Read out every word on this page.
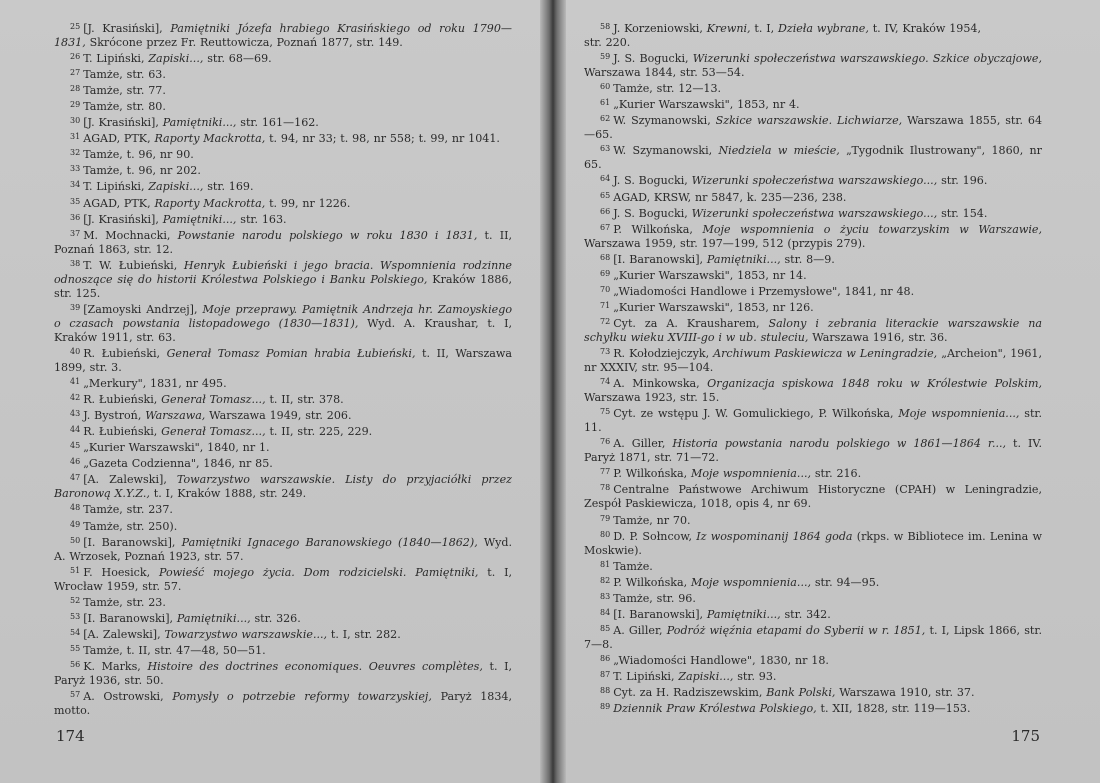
$^{25}$ [J. Krasiński], Pamiętniki Józefa hrabiego Krasińskiego od roku 1790—1831, Skrócone przez Fr. Reuttowicza, Poznań 1877, str. 149.

$^{26}$ T. Lipiński, Zapiski..., str. 68—69.

$^{27}$ Tamże, str. 63.

$^{28}$ Tamże, str. 77.

$^{29}$ Tamże, str. 80.

$^{30}$ [J. Krasiński], Pamiętniki..., str. 161—162.

$^{31}$ AGAD, PTK, Raporty Mackrotta, t. 94, nr 33; t. 98, nr 558; t. 99, nr 1041.

$^{32}$ Tamże, t. 96, nr 90.

$^{33}$ Tamże, t. 96, nr 202.

$^{34}$ T. Lipiński, Zapiski..., str. 169.

$^{35}$ AGAD, PTK, Raporty Mackrotta, t. 99, nr 1226.

$^{36}$ [J. Krasiński], Pamiętniki..., str. 163.

$^{37}$ M. Mochnacki, Powstanie narodu polskiego w roku 1830 i 1831, t. II, Poznań 1863, str. 12.

$^{38}$ T. W. Łubieński, Henryk Łubieński i jego bracia. Wspomnienia rodzinne odnoszące się do historii Królestwa Polskiego i Banku Polskiego, Kraków 1886, str. 125.

$^{39}$ [Zamoyski Andrzej], Moje przeprawy. Pamiętnik Andrzeja hr. Zamoyskiego o czasach powstania listopadowego (1830—1831), Wyd. A. Kraushar, t. I, Kraków 1911, str. 63.

$^{40}$ R. Łubieński, Generał Tomasz Pomian hrabia Łubieński, t. II, Warszawa 1899, str. 3.

$^{41}$ „Merkury", 1831, nr 495.

$^{42}$ R. Łubieński, Generał Tomasz..., t. II, str. 378.

$^{43}$ J. Bystroń, Warszawa, Warszawa 1949, str. 206.

$^{44}$ R. Łubieński, Generał Tomasz..., t. II, str. 225, 229.

$^{45}$ „Kurier Warszawski", 1840, nr 1.

$^{46}$ „Gazeta Codzienna", 1846, nr 85.

$^{47}$ [A. Zalewski], Towarzystwo warszawskie. Listy do przyjaciółki przez Baronową X.Y.Z., t. I, Kraków 1888, str. 249.

$^{48}$ Tamże, str. 237.

$^{49}$ Tamże, str. 250).

$^{50}$ [I. Baranowski], Pamiętniki Ignacego Baranowskiego (1840—1862), Wyd. A. Wrzosek, Poznań 1923, str. 57.

$^{51}$ F. Hoesick, Powieść mojego życia. Dom rodzicielski. Pamiętniki, t. I, Wrocław 1959, str. 57.

$^{52}$ Tamże, str. 23.

$^{53}$ [I. Baranowski], Pamiętniki..., str. 326.

$^{54}$ [A. Zalewski], Towarzystwo warszawskie..., t. I, str. 282.

$^{55}$ Tamże, t. II, str. 47—48, 50—51.

$^{56}$ K. Marks, Histoire des doctrines economiques. Oeuvres complètes, t. I, Paryż 1936, str. 50.

$^{57}$ A. Ostrowski, Pomysły o potrzebie reformy towarzyskiej, Paryż 1834, motto.

174

$^{58}$ J. Korzeniowski, Krewni, t. I, Dzieła wybrane, t. IV, Kraków 1954,

str. 220.

$^{59}$ J. S. Bogucki, Wizerunki społeczeństwa warszawskiego. Szkice obyczajowe, Warszawa 1844, str. 53—54.

$^{60}$ Tamże, str. 12—13.

$^{61}$ „Kurier Warszawski", 1853, nr 4.

$^{62}$ W. Szymanowski, Szkice warszawskie. Lichwiarze, Warszawa 1855, str. 64—65.

$^{63}$ W. Szymanowski, Niedziela w mieście, „Tygodnik Ilustrowany", 1860, nr 65.

$^{64}$ J. S. Bogucki, Wizerunki społeczeństwa warszawskiego..., str. 196.

$^{65}$ AGAD, KRSW, nr 5847, k. 235—236, 238.

$^{66}$ J. S. Bogucki, Wizerunki społeczeństwa warszawskiego..., str. 154.

$^{67}$ P. Wilkońska, Moje wspomnienia o życiu towarzyskim w Warszawie, Warszawa 1959, str. 197—199, 512 (przypis 279).

$^{68}$ [I. Baranowski], Pamiętniki..., str. 8—9.

$^{69}$ „Kurier Warszawski", 1853, nr 14.

$^{70}$ „Wiadomości Handlowe i Przemysłowe", 1841, nr 48.

$^{71}$ „Kurier Warszawski", 1853, nr 126.

$^{72}$ Cyt. za A. Krausharem, Salony i zebrania literackie warszawskie na schyłku wieku XVIII-go i w ub. stuleciu, Warszawa 1916, str. 36.

$^{73}$ R. Kołodziejczyk, Archiwum Paskiewicza w Leningradzie, „Archeion", 1961, nr XXXIV, str. 95—104.

$^{74}$ A. Minkowska, Organizacja spiskowa 1848 roku w Królestwie Polskim, Warszawa 1923, str. 15.

$^{75}$ Cyt. ze wstępu J. W. Gomulickiego, P. Wilkońska, Moje wspomnienia..., str. 11.

$^{76}$ A. Giller, Historia powstania narodu polskiego w 1861—1864 r..., t. IV. Paryż 1871, str. 71—72.

$^{77}$ P. Wilkońska, Moje wspomnienia..., str. 216.

$^{78}$ Centralne Państwowe Archiwum Historyczne (CPAH) w Leningradzie, Zespół Paskiewicza, 1018, opis 4, nr 69.

$^{79}$ Tamże, nr 70.

$^{80}$ D. P. Sołncow, Iz wospominanij 1864 goda (rkps. w Bibliotece im. Lenina w Moskwie).

$^{81}$ Tamże.

$^{82}$ P. Wilkońska, Moje wspomnienia..., str. 94—95.

$^{83}$ Tamże, str. 96.

$^{84}$ [I. Baranowski], Pamiętniki..., str. 342.

$^{85}$ A. Giller, Podróż więźnia etapami do Syberii w r. 1851, t. I, Lipsk 1866, str. 7—8.

$^{86}$ „Wiadomości Handlowe", 1830, nr 18.

$^{87}$ T. Lipiński, Zapiski..., str. 93.

$^{88}$ Cyt. za H. Radziszewskim, Bank Polski, Warszawa 1910, str. 37.

$^{89}$ Dziennik Praw Królestwa Polskiego, t. XII, 1828, str. 119—153.

175
